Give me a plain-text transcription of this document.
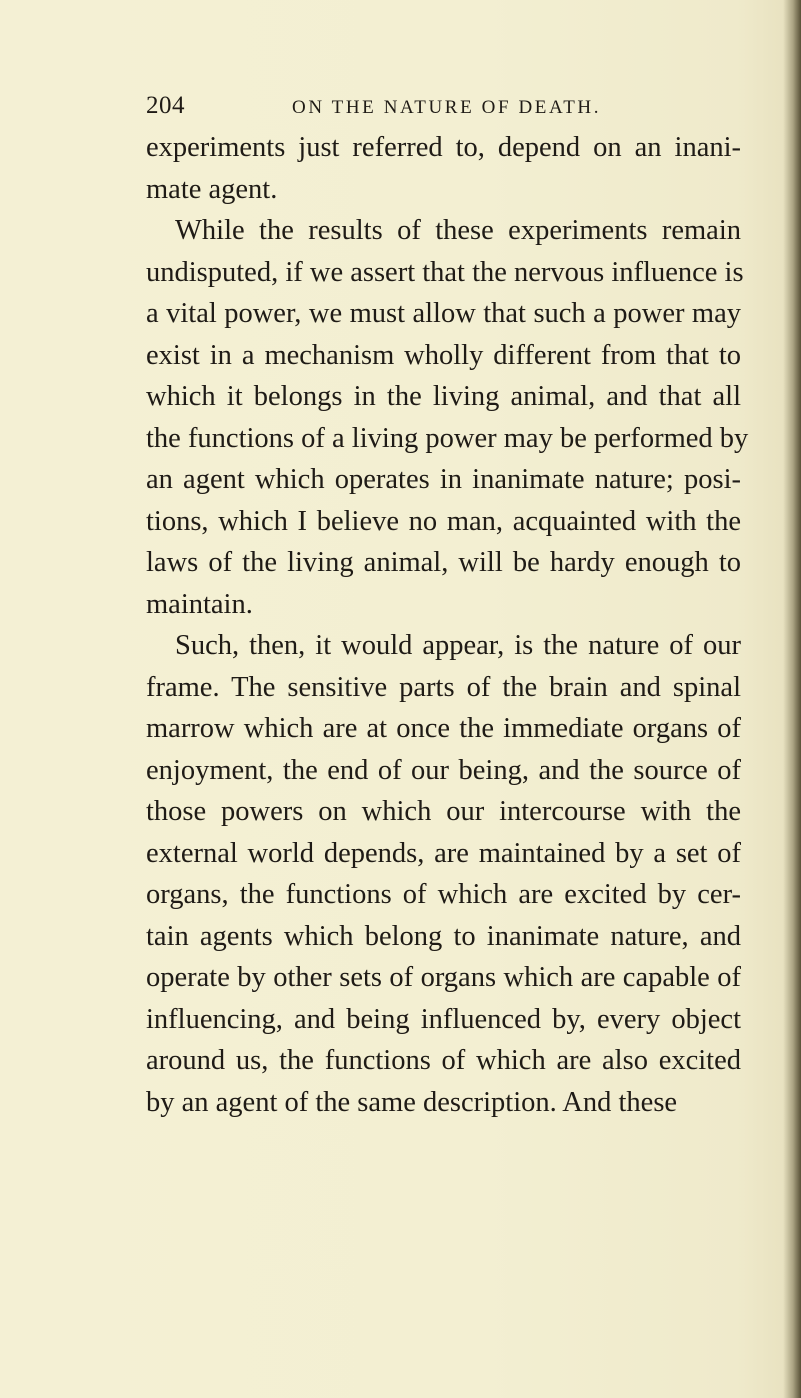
204	ON THE NATURE OF DEATH.
experiments just referred to, depend on an inani-
mate agent.
While the results of these experiments remain
undisputed, if we assert that the nervous influence is
a vital power, we must allow that such a power may
exist in a mechanism wholly different from that to
which it belongs in the living animal, and that all
the functions of a living power may be performed by
an agent which operates in inanimate nature; posi-
tions, which I believe no man, acquainted with the
laws of the living animal, will be hardy enough to
maintain.
Such, then, it would appear, is the nature of our
frame. The sensitive parts of the brain and spinal
marrow which are at once the immediate organs of
enjoyment, the end of our being, and the source of
those powers on which our intercourse with the
external world depends, are maintained by a set of
organs, the functions of which are excited by cer-
tain agents which belong to inanimate nature, and
operate by other sets of organs which are capable of
influencing, and being influenced by, every object
around us, the functions of which are also excited
by an agent of the same description. And these
